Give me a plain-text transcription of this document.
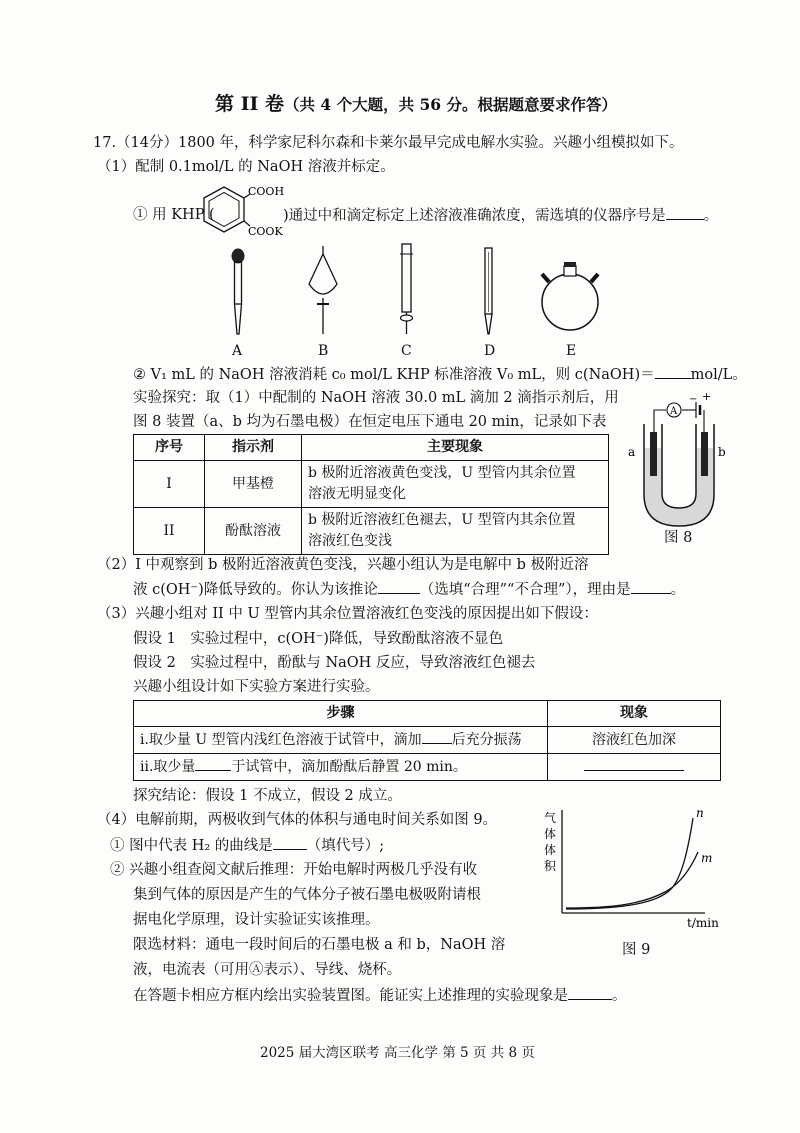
第 II 卷（共 4 个大题，共 56 分。根据题意要求作答）
17.（14分）1800 年，科学家尼科尔森和卡莱尔最早完成电解水实验。兴趣小组模拟如下。
（1）配制 0.1mol/L 的 NaOH 溶液并标定。
① 用 KHP (
COOH
COOK
)通过中和滴定标定上述溶液准确浓度，需选填的仪器序号是	。
A	B	C	D	E
② V₁ mL 的 NaOH 溶液消耗 c₀ mol/L KHP 标准溶液 V₀ mL，则 c(NaOH)＝ mol/L。
实验探究：取（1）中配制的 NaOH 溶液 30.0 mL 滴加 2 滴指示剂后，用
图 8 装置（a、b 均为石墨电极）在恒定电压下通电 20 min，记录如下表
序号	指示剂	主要现象
I	甲基橙	b 极附近溶液黄色变浅，U 型管内其余位置
溶液无明显变化

II	酚酞溶液	b 极附近溶液红色褪去，U 型管内其余位置
溶液红色变浅
A
− +
a	b
图 8
（2）I 中观察到 b 极附近溶液黄色变浅，兴趣小组认为是电解中 b 极附近溶
液 c(OH⁻)降低导致的。你认为该推论	（选填“合理”“不合理”），理由是	。
（3）兴趣小组对 II 中 U 型管内其余位置溶液红色变浅的原因提出如下假设：
假设 1　实验过程中，c(OH⁻)降低，导致酚酞溶液不显色
假设 2　实验过程中，酚酞与 NaOH 反应，导致溶液红色褪去
兴趣小组设计如下实验方案进行实验。
步骤	现象
i.取少量 U 型管内浅红色溶液于试管中，滴加 后充分振荡	溶液红色加深
ii.取少量 于试管中，滴加酚酞后静置 20 min。	
探究结论：假设 1 不成立，假设 2 成立。
（4）电解前期，两极收到气体的体积与通电时间关系如图 9。
① 图中代表 H₂ 的曲线是 （填代号）;
② 兴趣小组查阅文献后推理：开始电解时两极几乎没有收
集到气体的原因是产生的气体分子被石墨电极吸附请根
据电化学原理，设计实验证实该推理。
限选材料：通电一段时间后的石墨电极 a 和 b，NaOH 溶
液，电流表（可用Ⓐ表示）、导线、烧杯。
在答题卡相应方框内绘出实验装置图。能证实上述推理的实验现象是	。
气
体
体
积
n
m
t/min
图 9
2025 届大湾区联考 高三化学 第 5 页 共 8 页
